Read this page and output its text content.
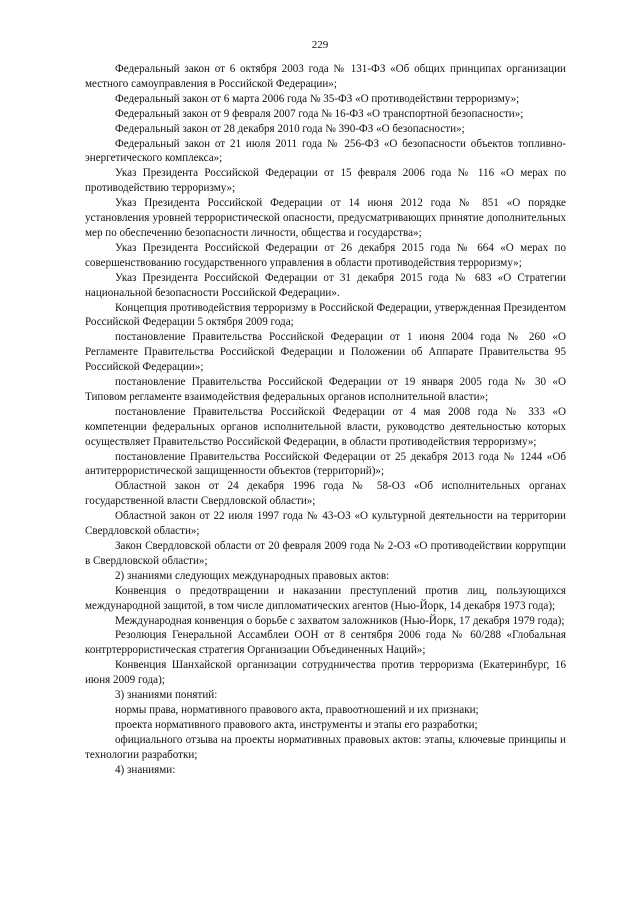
229

Федеральный закон от 6 октября 2003 года № 131-ФЗ «Об общих принципах организации местного самоуправления в Российской Федерации»;

Федеральный закон от 6 марта 2006 года № 35-ФЗ «О противодействии терроризму»;

Федеральный закон от 9 февраля 2007 года № 16-ФЗ «О транспортной безопасности»;

Федеральный закон от 28 декабря 2010 года № 390-ФЗ «О безопасности»;

Федеральный закон от 21 июля 2011 года № 256-ФЗ «О безопасности объектов топливно-энергетического комплекса»;

Указ Президента Российской Федерации от 15 февраля 2006 года № 116 «О мерах по противодействию терроризму»;

Указ Президента Российской Федерации от 14 июня 2012 года № 851 «О порядке установления уровней террористической опасности, предусматривающих принятие дополнительных мер по обеспечению безопасности личности, общества и государства»;

Указ Президента Российской Федерации от 26 декабря 2015 года № 664 «О мерах по совершенствованию государственного управления в области противодействия терроризму»;

Указ Президента Российской Федерации от 31 декабря 2015 года № 683 «О Стратегии национальной безопасности Российской Федерации».

Концепция противодействия терроризму в Российской Федерации, утвержденная Президентом Российской Федерации 5 октября 2009 года;

постановление Правительства Российской Федерации от 1 июня 2004 года № 260 «О Регламенте Правительства Российской Федерации и Положении об Аппарате Правительства 95 Российской Федерации»;

постановление Правительства Российской Федерации от 19 января 2005 года № 30 «О Типовом регламенте взаимодействия федеральных органов исполнительной власти»;

постановление Правительства Российской Федерации от 4 мая 2008 года № 333 «О компетенции федеральных органов исполнительной власти, руководство деятельностью которых осуществляет Правительство Российской Федерации, в области противодействия терроризму»;

постановление Правительства Российской Федерации от 25 декабря 2013 года № 1244 «Об антитеррористической защищенности объектов (территорий)»;

Областной закон от 24 декабря 1996 года № 58-ОЗ «Об исполнительных органах государственной власти Свердловской области»;

Областной закон от 22 июля 1997 года № 43-ОЗ «О культурной деятельности на территории Свердловской области»;

Закон Свердловской области от 20 февраля 2009 года № 2-ОЗ «О противодействии коррупции в Свердловской области»;

2) знаниями следующих международных правовых актов:

Конвенция о предотвращении и наказании преступлений против лиц, пользующихся международной защитой, в том числе дипломатических агентов (Нью-Йорк, 14 декабря 1973 года);

Международная конвенция о борьбе с захватом заложников (Нью-Йорк, 17 декабря 1979 года);

Резолюция Генеральной Ассамблеи ООН от 8 сентября 2006 года № 60/288 «Глобальная контртеррористическая стратегия Организации Объединенных Наций»;

Конвенция Шанхайской организации сотрудничества против терроризма (Екатеринбург, 16 июня 2009 года);

3) знаниями понятий:

нормы права, нормативного правового акта, правоотношений и их признаки;

проекта нормативного правового акта, инструменты и этапы его разработки;

официального отзыва на проекты нормативных правовых актов: этапы, ключевые принципы и технологии разработки;

4) знаниями:
